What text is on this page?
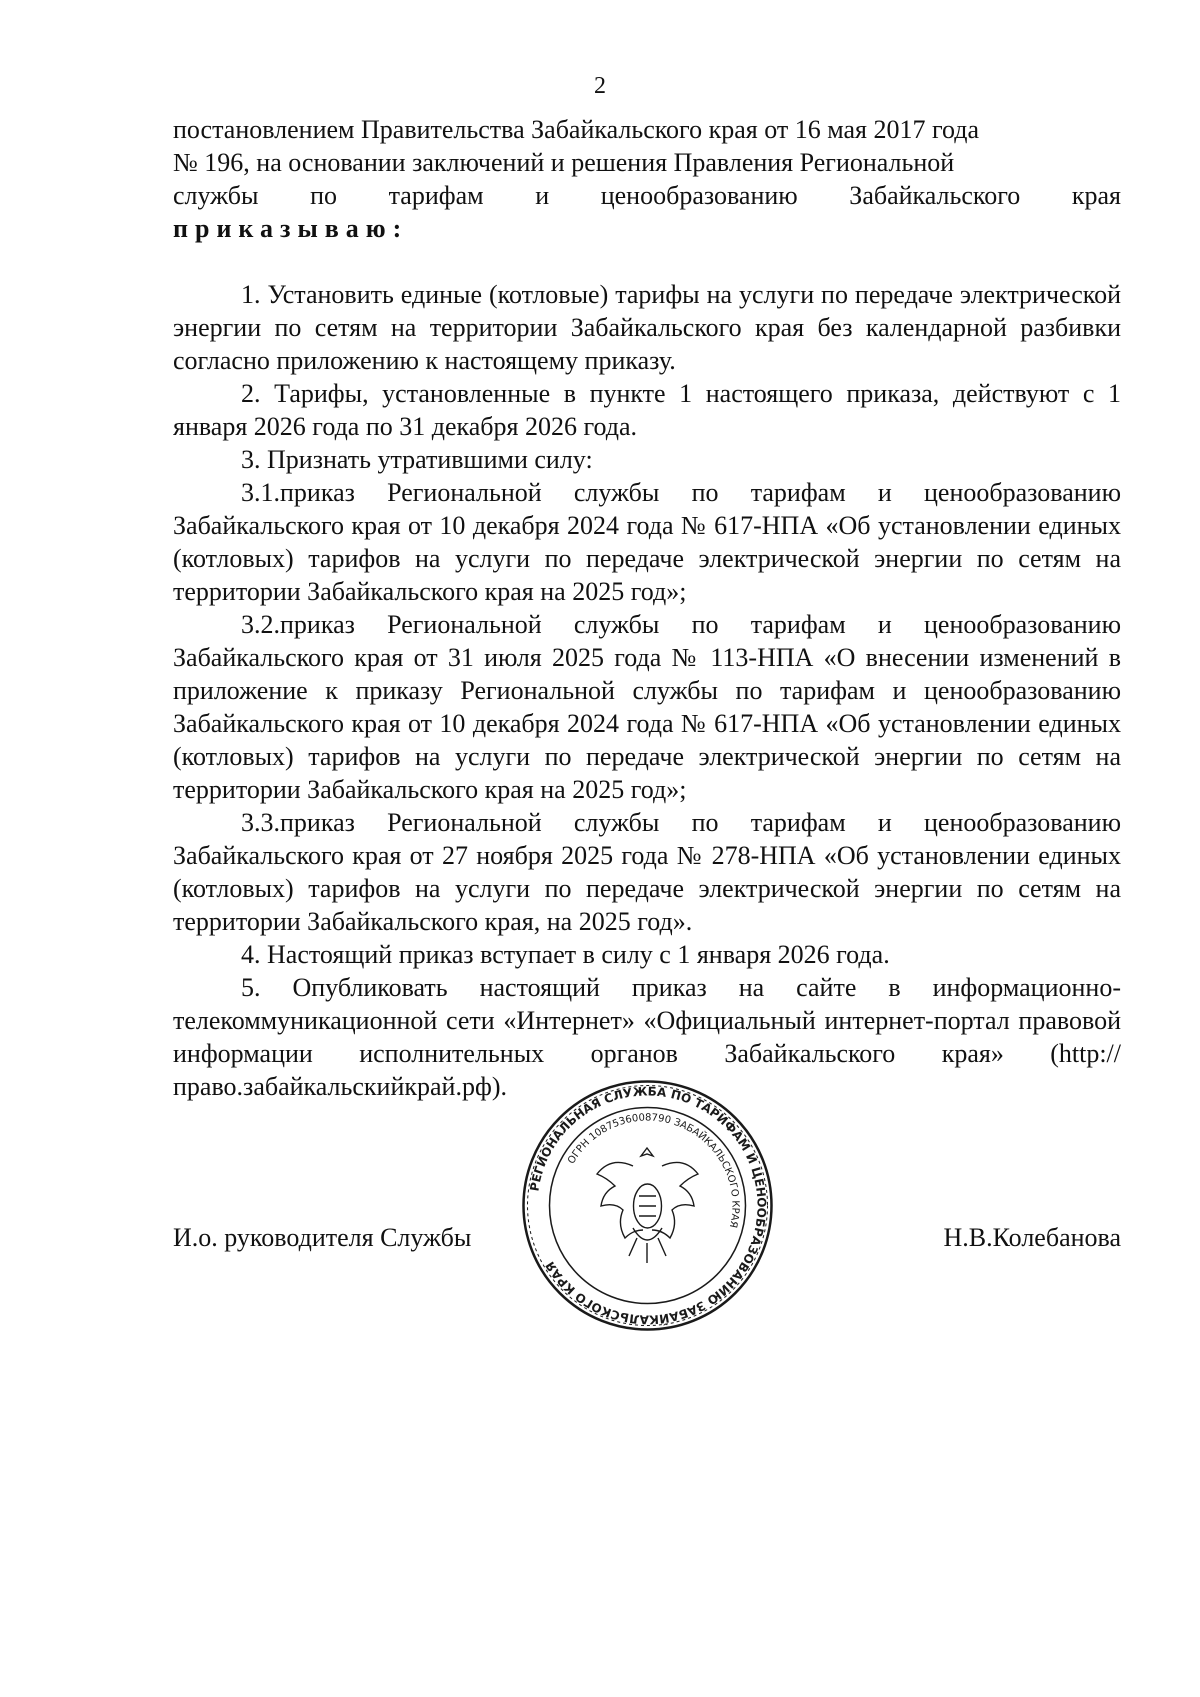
2

постановлением Правительства Забайкальского края от 16 мая 2017 года

№ 196, на основании заключений и решения Правления Региональной

службы по тарифам и ценообразованию Забайкальского края

приказываю:

1. Установить единые (котловые) тарифы на услуги по передаче электрической энергии по сетям на территории Забайкальского края без календарной разбивки согласно приложению к настоящему приказу.

2. Тарифы, установленные в пункте 1 настоящего приказа, действуют с 1 января 2026 года по 31 декабря 2026 года.

3. Признать утратившими силу:

3.1.приказ Региональной службы по тарифам и ценообразованию Забайкальского края от 10 декабря 2024 года № 617-НПА «Об установлении единых (котловых) тарифов на услуги по передаче электрической энергии по сетям на территории Забайкальского края на 2025 год»;

3.2.приказ Региональной службы по тарифам и ценообразованию Забайкальского края от 31 июля 2025 года № 113-НПА «О внесении изменений в приложение к приказу Региональной службы по тарифам и ценообразованию Забайкальского края от 10 декабря 2024 года № 617-НПА «Об установлении единых (котловых) тарифов на услуги по передаче электрической энергии по сетям на территории Забайкальского края на 2025 год»;

3.3.приказ Региональной службы по тарифам и ценообразованию Забайкальского края от 27 ноября 2025 года № 278-НПА «Об установлении единых (котловых) тарифов на услуги по передаче электрической энергии по сетям на территории Забайкальского края, на 2025 год».

4. Настоящий приказ вступает в силу с 1 января 2026 года.

5. Опубликовать настоящий приказ на сайте в информационно-телекоммуникационной сети «Интернет» «Официальный интернет-портал правовой информации исполнительных органов Забайкальского края» (http://право.забайкальскийкрай.рф).

РЕГИОНАЛЬНАЯ СЛУЖБА ПО ТАРИФАМ И ЦЕНООБРАЗОВАНИЮ ЗАБАЙКАЛЬСКОГО КРАЯ
ОГРН 1087536008790 ЗАБАЙКАЛЬСКОГО КРАЯ
И.о. руководителя Службы	Н.В.Колебанова
